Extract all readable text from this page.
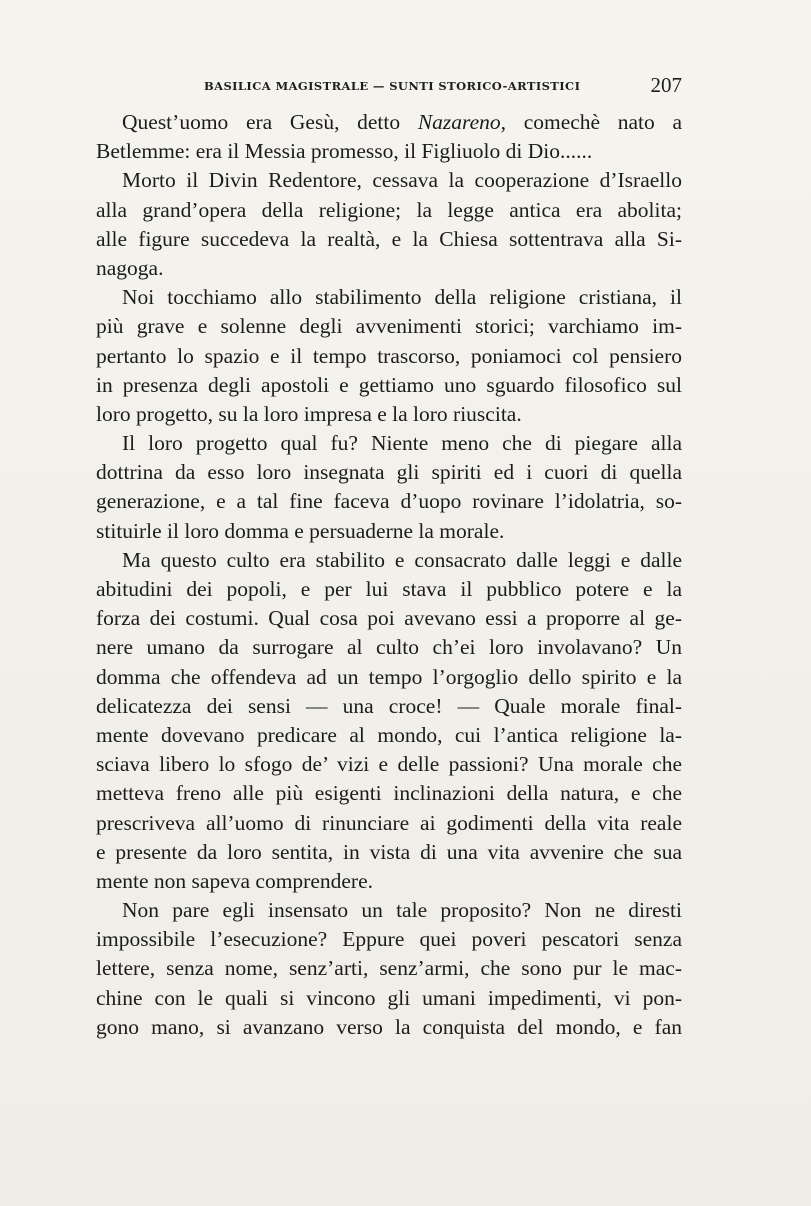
BASILICA MAGISTRALE — SUNTI STORICO-ARTISTICI	207
Quest’uomo era Gesù, detto Nazareno, comechè nato a
Betlemme: era il Messia promesso, il Figliuolo di Dio......
Morto il Divin Redentore, cessava la cooperazione d’Israello
alla grand’opera della religione; la legge antica era abolita;
alle figure succedeva la realtà, e la Chiesa sottentrava alla Si-
nagoga.
Noi tocchiamo allo stabilimento della religione cristiana, il
più grave e solenne degli avvenimenti storici; varchiamo im-
pertanto lo spazio e il tempo trascorso, poniamoci col pensiero
in presenza degli apostoli e gettiamo uno sguardo filosofico sul
loro progetto, su la loro impresa e la loro riuscita.
Il loro progetto qual fu? Niente meno che di piegare alla
dottrina da esso loro insegnata gli spiriti ed i cuori di quella
generazione, e a tal fine faceva d’uopo rovinare l’idolatria, so-
stituirle il loro domma e persuaderne la morale.
Ma questo culto era stabilito e consacrato dalle leggi e dalle
abitudini dei popoli, e per lui stava il pubblico potere e la
forza dei costumi. Qual cosa poi avevano essi a proporre al ge-
nere umano da surrogare al culto ch’ei loro involavano? Un
domma che offendeva ad un tempo l’orgoglio dello spirito e la
delicatezza dei sensi — una croce! — Quale morale final-
mente dovevano predicare al mondo, cui l’antica religione la-
sciava libero lo sfogo de’ vizi e delle passioni? Una morale che
metteva freno alle più esigenti inclinazioni della natura, e che
prescriveva all’uomo di rinunciare ai godimenti della vita reale
e presente da loro sentita, in vista di una vita avvenire che sua
mente non sapeva comprendere.
Non pare egli insensato un tale proposito? Non ne diresti
impossibile l’esecuzione? Eppure quei poveri pescatori senza
lettere, senza nome, senz’arti, senz’armi, che sono pur le mac-
chine con le quali si vincono gli umani impedimenti, vi pon-
gono mano, si avanzano verso la conquista del mondo, e fan
